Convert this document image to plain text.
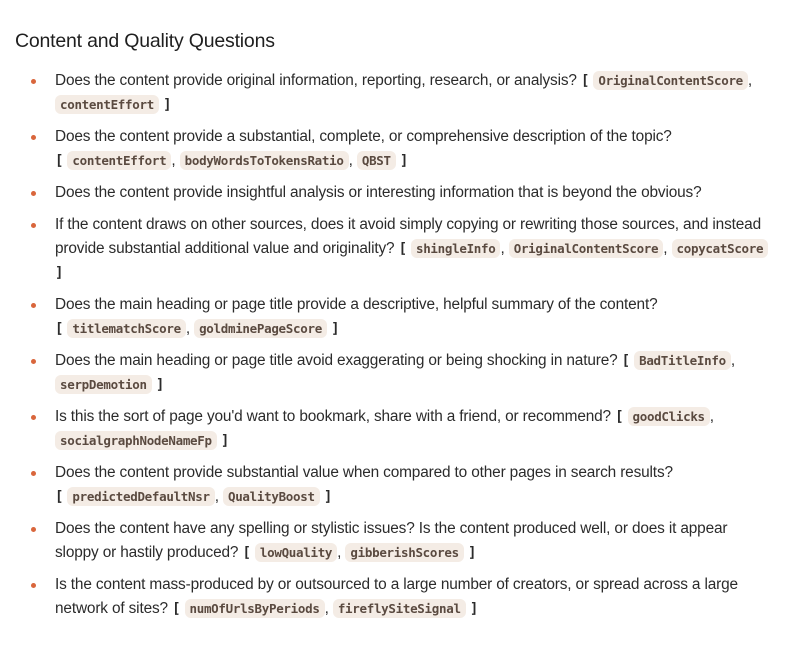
Content and Quality Questions
Does the content provide original information, reporting, research, or analysis? [ OriginalContentScore , contentEffort ]
Does the content provide a substantial, complete, or comprehensive description of the topic?
[ contentEffort , bodyWordsToTokensRatio , QBST ]
Does the content provide insightful analysis or interesting information that is beyond the obvious?
If the content draws on other sources, does it avoid simply copying or rewriting those sources, and instead provide substantial additional value and originality? [ shingleInfo , OriginalContentScore , copycatScore ]
Does the main heading or page title provide a descriptive, helpful summary of the content?
[ titlematchScore , goldminePageScore ]
Does the main heading or page title avoid exaggerating or being shocking in nature? [ BadTitleInfo , serpDemotion ]
Is this the sort of page you'd want to bookmark, share with a friend, or recommend? [ goodClicks , socialgraphNodeNameFp ]
Does the content provide substantial value when compared to other pages in search results?
[ predictedDefaultNsr , QualityBoost ]
Does the content have any spelling or stylistic issues? Is the content produced well, or does it appear sloppy or hastily produced? [ lowQuality , gibberishScores ]
Is the content mass-produced by or outsourced to a large number of creators, or spread across a large network of sites? [ numOfUrlsByPeriods , fireflySiteSignal ]
